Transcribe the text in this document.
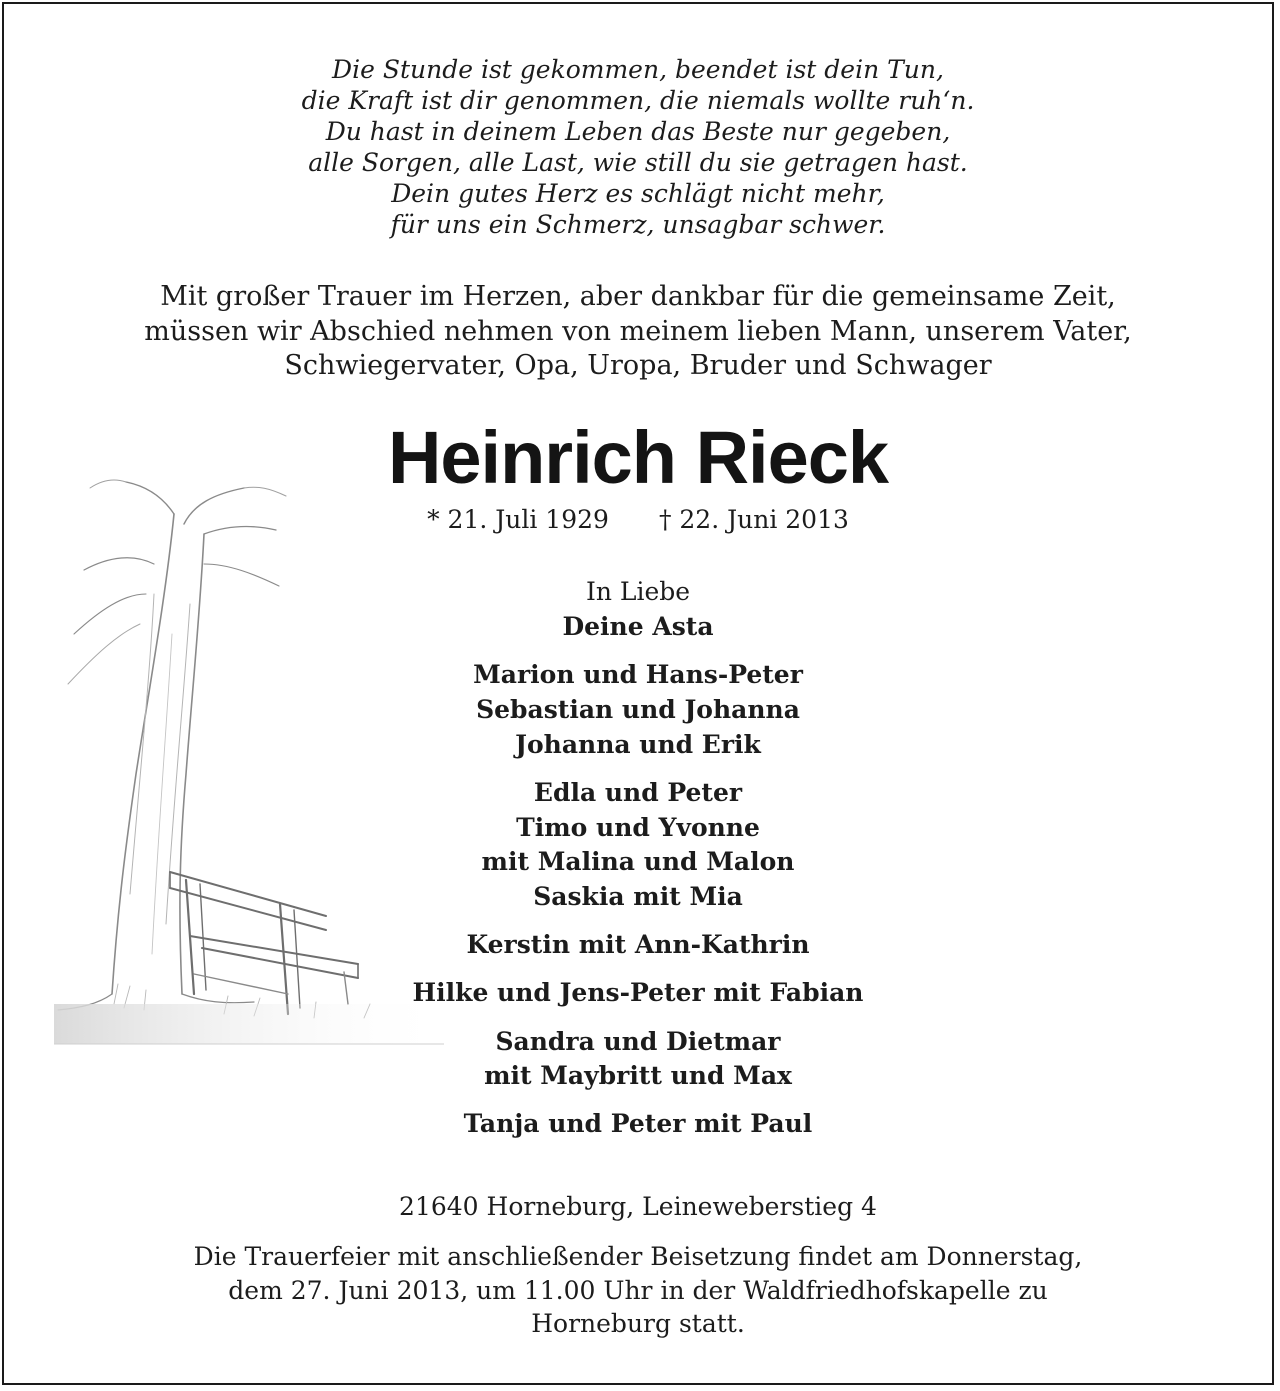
Die Stunde ist gekommen, beendet ist dein Tun,
die Kraft ist dir genommen, die niemals wollte ruh‘n.
Du hast in deinem Leben das Beste nur gegeben,
alle Sorgen, alle Last, wie still du sie getragen hast.
Dein gutes Herz es schlägt nicht mehr,
für uns ein Schmerz, unsagbar schwer.
Mit großer Trauer im Herzen, aber dankbar für die gemeinsame Zeit,
müssen wir Abschied nehmen von meinem lieben Mann, unserem Vater,
Schwiegervater, Opa, Uropa, Bruder und Schwager
Heinrich Rieck
* 21. Juli 1929 † 22. Juni 2013
In Liebe
Deine Asta
Marion und Hans-Peter
Sebastian und Johanna
Johanna und Erik
Edla und Peter
Timo und Yvonne
mit Malina und Malon
Saskia mit Mia
Kerstin mit Ann-Kathrin
Hilke und Jens-Peter mit Fabian
Sandra und Dietmar
mit Maybritt und Max
Tanja und Peter mit Paul
21640 Horneburg, Leineweberstieg 4
Die Trauerfeier mit anschließender Beisetzung findet am Donnerstag,
dem 27. Juni 2013, um 11.00 Uhr in der Waldfriedhofskapelle zu
Horneburg statt.
